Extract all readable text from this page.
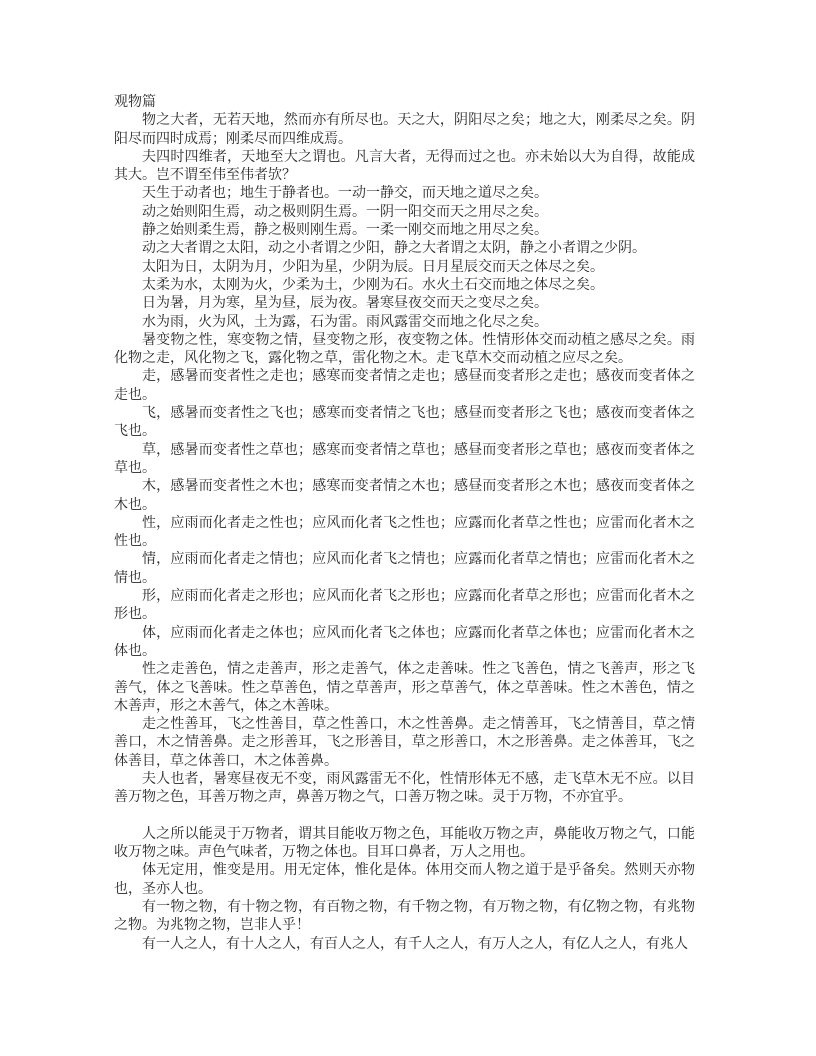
观物篇

物之大者，无若天地，然而亦有所尽也。天之大，阴阳尽之矣；地之大，刚柔尽之矣。阴阳尽而四时成焉；刚柔尽而四维成焉。

夫四时四维者，天地至大之谓也。凡言大者，无得而过之也。亦未始以大为自得，故能成其大。岂不谓至伟至伟者欤？

天生于动者也；地生于静者也。一动一静交，而天地之道尽之矣。

动之始则阳生焉，动之极则阴生焉。一阴一阳交而天之用尽之矣。

静之始则柔生焉，静之极则刚生焉。一柔一刚交而地之用尽之矣。

动之大者谓之太阳，动之小者谓之少阳，静之大者谓之太阴，静之小者谓之少阴。

太阳为日，太阴为月，少阳为星，少阴为辰。日月星辰交而天之体尽之矣。

太柔为水，太刚为火，少柔为土，少刚为石。水火土石交而地之体尽之矣。

日为暑，月为寒，星为昼，辰为夜。暑寒昼夜交而天之变尽之矣。

水为雨，火为风，土为露，石为雷。雨风露雷交而地之化尽之矣。

暑变物之性，寒变物之情，昼变物之形，夜变物之体。性情形体交而动植之感尽之矣。雨化物之走，风化物之飞，露化物之草，雷化物之木。走飞草木交而动植之应尽之矣。

走，感暑而变者性之走也；感寒而变者情之走也；感昼而变者形之走也；感夜而变者体之走也。

飞，感暑而变者性之飞也；感寒而变者情之飞也；感昼而变者形之飞也；感夜而变者体之飞也。

草，感暑而变者性之草也；感寒而变者情之草也；感昼而变者形之草也；感夜而变者体之草也。

木，感暑而变者性之木也；感寒而变者情之木也；感昼而变者形之木也；感夜而变者体之木也。

性，应雨而化者走之性也；应风而化者飞之性也；应露而化者草之性也；应雷而化者木之性也。

情，应雨而化者走之情也；应风而化者飞之情也；应露而化者草之情也；应雷而化者木之情也。

形，应雨而化者走之形也；应风而化者飞之形也；应露而化者草之形也；应雷而化者木之形也。

体，应雨而化者走之体也；应风而化者飞之体也；应露而化者草之体也；应雷而化者木之体也。

性之走善色，情之走善声，形之走善气，体之走善味。性之飞善色，情之飞善声，形之飞善气，体之飞善味。性之草善色，情之草善声，形之草善气，体之草善味。性之木善色，情之木善声，形之木善气，体之木善味。

走之性善耳，飞之性善目，草之性善口，木之性善鼻。走之情善耳，飞之情善目，草之情善口，木之情善鼻。走之形善耳，飞之形善目，草之形善口，木之形善鼻。走之体善耳，飞之体善目，草之体善口，木之体善鼻。

夫人也者，暑寒昼夜无不变，雨风露雷无不化，性情形体无不感，走飞草木无不应。以目善万物之色，耳善万物之声，鼻善万物之气，口善万物之味。灵于万物，不亦宜乎。

人之所以能灵于万物者，谓其目能收万物之色，耳能收万物之声，鼻能收万物之气，口能收万物之味。声色气味者，万物之体也。目耳口鼻者，万人之用也。

体无定用，惟变是用。用无定体，惟化是体。体用交而人物之道于是乎备矣。然则天亦物也，圣亦人也。

有一物之物，有十物之物，有百物之物，有千物之物，有万物之物，有亿物之物，有兆物之物。为兆物之物，岂非人乎！

有一人之人，有十人之人，有百人之人，有千人之人，有万人之人，有亿人之人，有兆人
